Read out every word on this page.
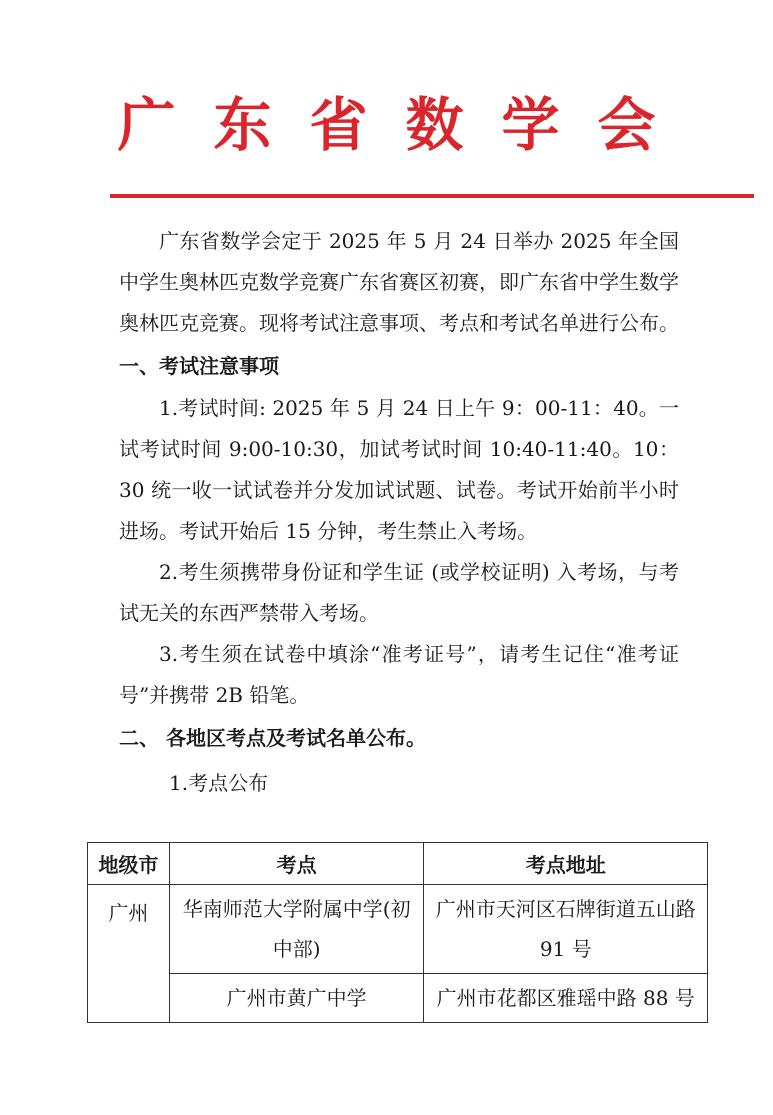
广东省数学会

广东省数学会定于 2025 年 5 月 24 日举办 2025 年全国中学生奥林匹克数学竞赛广东省赛区初赛，即广东省中学生数学奥林匹克竞赛。现将考试注意事项、考点和考试名单进行公布。

一、考试注意事项

1.考试时间: 2025 年 5 月 24 日上午 9：00-11：40。一试考试时间 9:00-10:30，加试考试时间 10:40-11:40。10：30 统一收一试试卷并分发加试试题、试卷。考试开始前半小时进场。考试开始后 15 分钟，考生禁止入考场。

2.考生须携带身份证和学生证 (或学校证明) 入考场，与考试无关的东西严禁带入考场。

3.考生须在试卷中填涂“准考证号”，请考生记住“准考证号”并携带 2B 铅笔。

二、 各地区考点及考试名单公布。

1.考点公布

地级市	考点	考点地址
广州	华南师范大学附属中学(初中部)	广州市天河区石牌街道五山路 91 号
	广州市黄广中学	广州市花都区雅瑶中路 88 号
